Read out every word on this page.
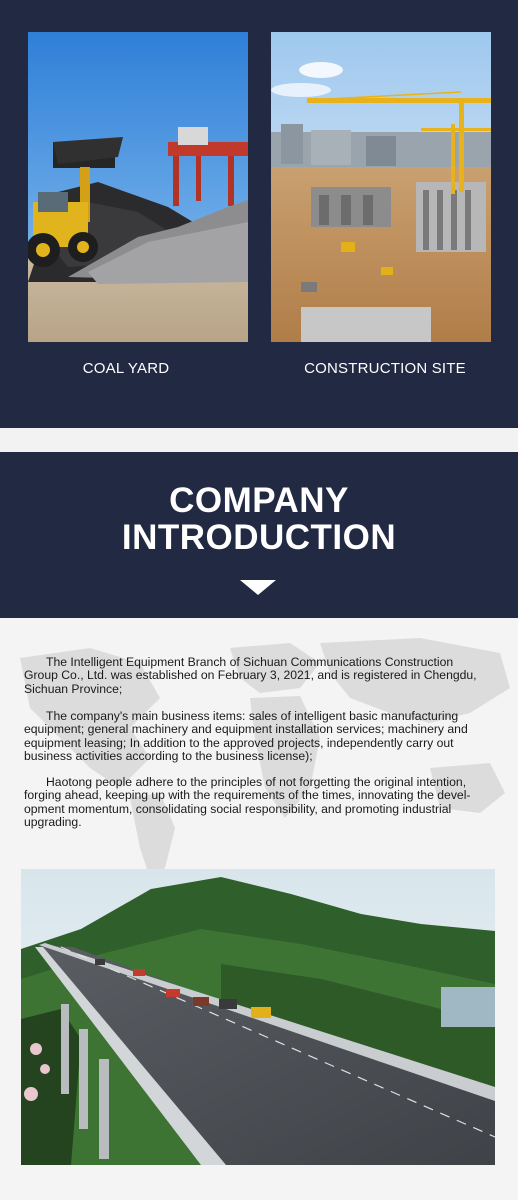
COAL YARD	CONSTRUCTION SITE
COMPANY
INTRODUCTION

The Intelligent Equipment Branch of Sichuan Communications Construction Group Co., Ltd. was established on February 3, 2021, and is registered in Chengdu, Sichuan Province;

The company's main business items: sales of intelligent basic manufacturing equipment; general machinery and equipment installation services; machinery and equipment leasing; In addition to the approved projects, independently carry out business activities according to the business license);

Haotong people adhere to the principles of not forgetting the original intention, forging ahead, keeping up with the requirements of the times, innovating the devel-opment momentum, consolidating social responsibility, and promoting industrial upgrading.
